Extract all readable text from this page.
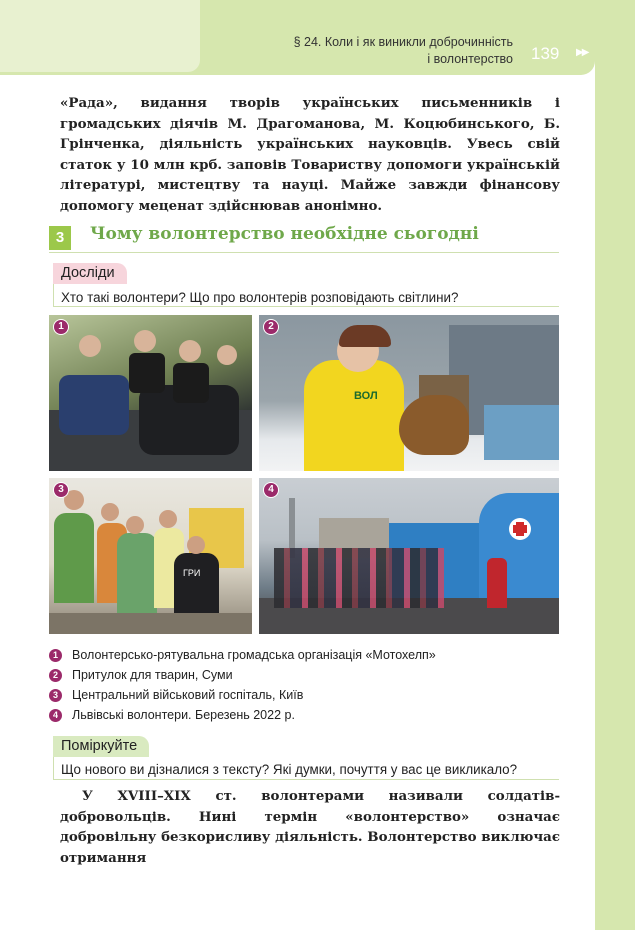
§ 24. Коли і як виникли доброчинність
і волонтерство 139 ▶▶
«Рада», видання творів українських письменників і громадських діячів М. Драгоманова, М. Коцюбинського, Б. Грінченка, діяльність українських науковців. Увесь свій статок у 10 млн крб. заповів Товариству допомоги українській літературі, мистецтву та науці. Майже завжди фінансову допомогу меценат здійснював анонімно.
3	Чому волонтерство необхідне сьогодні
Досліди
Хто такі волонтери? Що про волонтерів розповідають світлини?
1
ВОЛ
2
ГРИ
3	4
1	Волонтерсько-рятувальна громадська організація «Мотохелп»
2	Притулок для тварин, Суми
3	Центральний військовий госпіталь, Київ
4	Львівські волонтери. Березень 2022 р.
Поміркуйте
Що нового ви дізналися з тексту? Які думки, почуття у вас це викликало?
У XVIII–XIX ст. волонтерами називали солдатів-добровольців. Нині термін «волонтерство» означає добровільну безкорисливу діяльність. Волонтерство виключає отримання
